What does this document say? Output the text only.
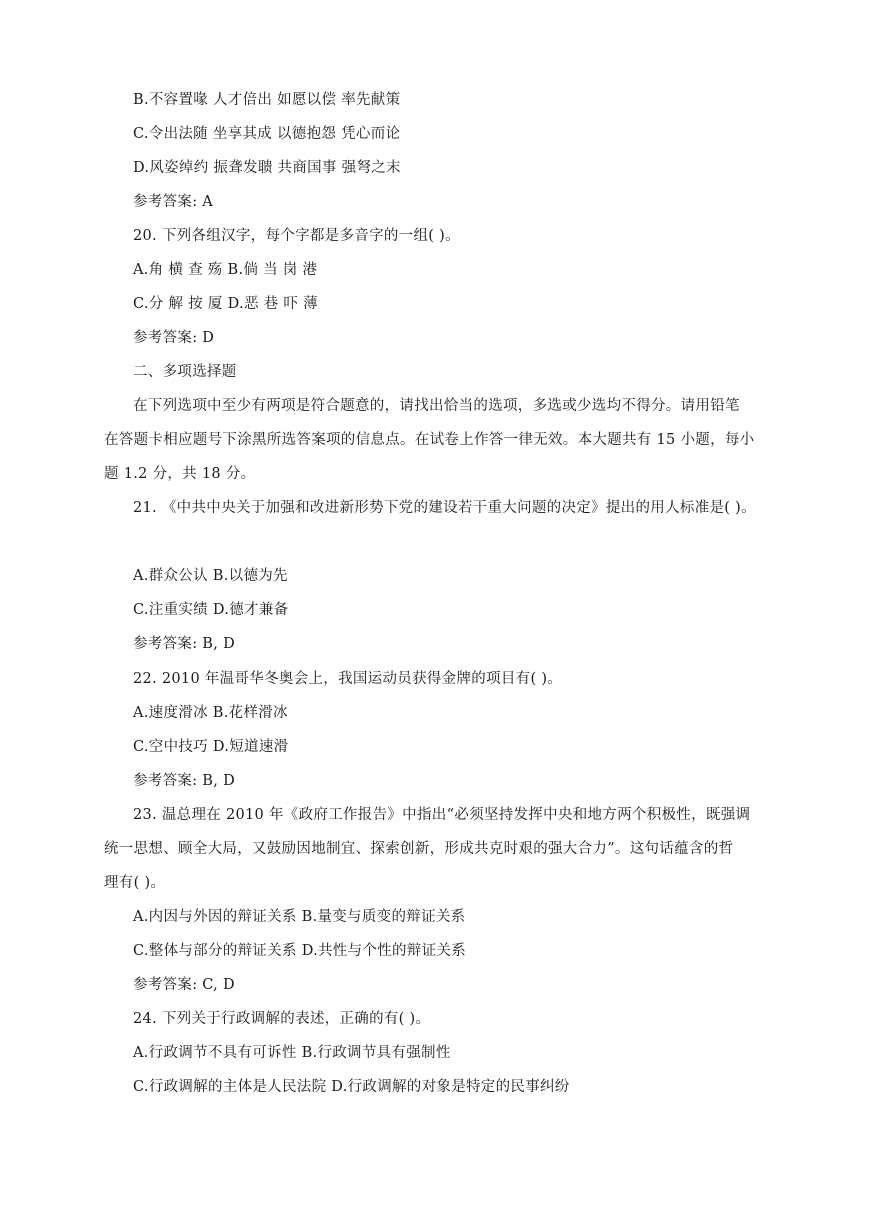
B.不容置喙 人才倍出 如愿以偿 率先献策
C.令出法随 坐享其成 以德抱怨 凭心而论
D.风姿绰约 振聋发聩 共商国事 强弩之末
参考答案: A
20. 下列各组汉字，每个字都是多音字的一组( )。
A.角 横 查 殇 B.倘 当 岗 港
C.分 解 按 厦 D.恶 巷 吓 薄
参考答案: D
二、多项选择题
在下列选项中至少有两项是符合题意的，请找出恰当的选项，多选或少选均不得分。请用铅笔
在答题卡相应题号下涂黑所选答案项的信息点。在试卷上作答一律无效。本大题共有 15 小题，每小
题 1.2 分，共 18 分。
21. 《中共中央关于加强和改进新形势下党的建设若干重大问题的决定》提出的用人标准是( )。
A.群众公认 B.以德为先
C.注重实绩 D.德才兼备
参考答案: B, D
22. 2010 年温哥华冬奥会上，我国运动员获得金牌的项目有( )。
A.速度滑冰 B.花样滑冰
C.空中技巧 D.短道速滑
参考答案: B, D
23. 温总理在 2010 年《政府工作报告》中指出“必须坚持发挥中央和地方两个积极性，既强调
统一思想、顾全大局，又鼓励因地制宜、探索创新，形成共克时艰的强大合力”。这句话蕴含的哲
理有( )。
A.内因与外因的辩证关系 B.量变与质变的辩证关系
C.整体与部分的辩证关系 D.共性与个性的辩证关系
参考答案: C, D
24. 下列关于行政调解的表述，正确的有( )。
A.行政调节不具有可诉性 B.行政调节具有强制性
C.行政调解的主体是人民法院 D.行政调解的对象是特定的民事纠纷
